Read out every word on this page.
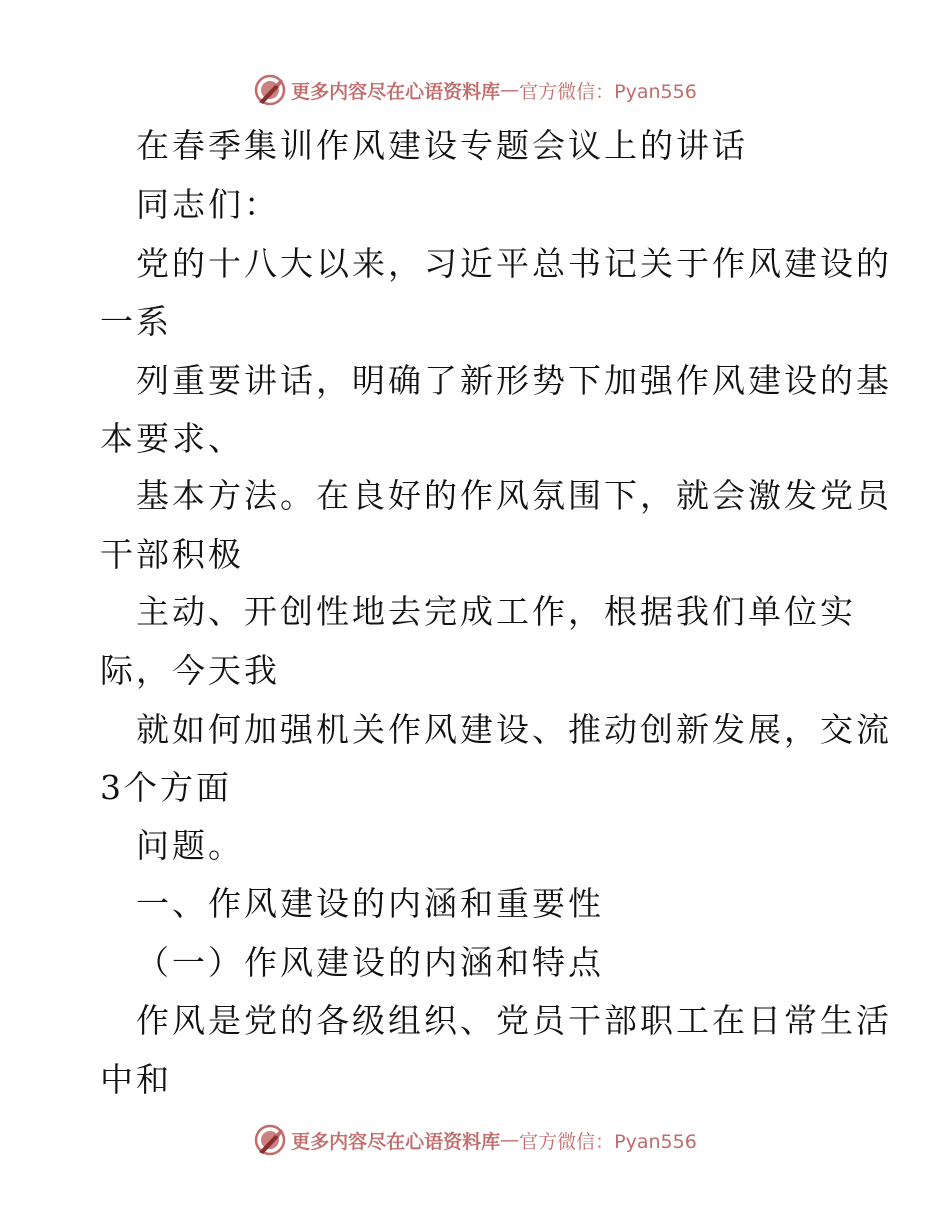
更多内容尽在心语资料库 — 官方微信：Pyan556
在春季集训作风建设专题会议上的讲话
同志们：
党的十八大以来，习近平总书记关于作风建设的
一系
列重要讲话，明确了新形势下加强作风建设的基
本要求、
基本方法。在良好的作风氛围下，就会激发党员
干部积极
主动、开创性地去完成工作，根据我们单位实
际，今天我
就如何加强机关作风建设、推动创新发展，交流
3个方面
问题。
一、作风建设的内涵和重要性
（一）作风建设的内涵和特点
作风是党的各级组织、党员干部职工在日常生活
中和
更多内容尽在心语资料库 — 官方微信：Pyan556
